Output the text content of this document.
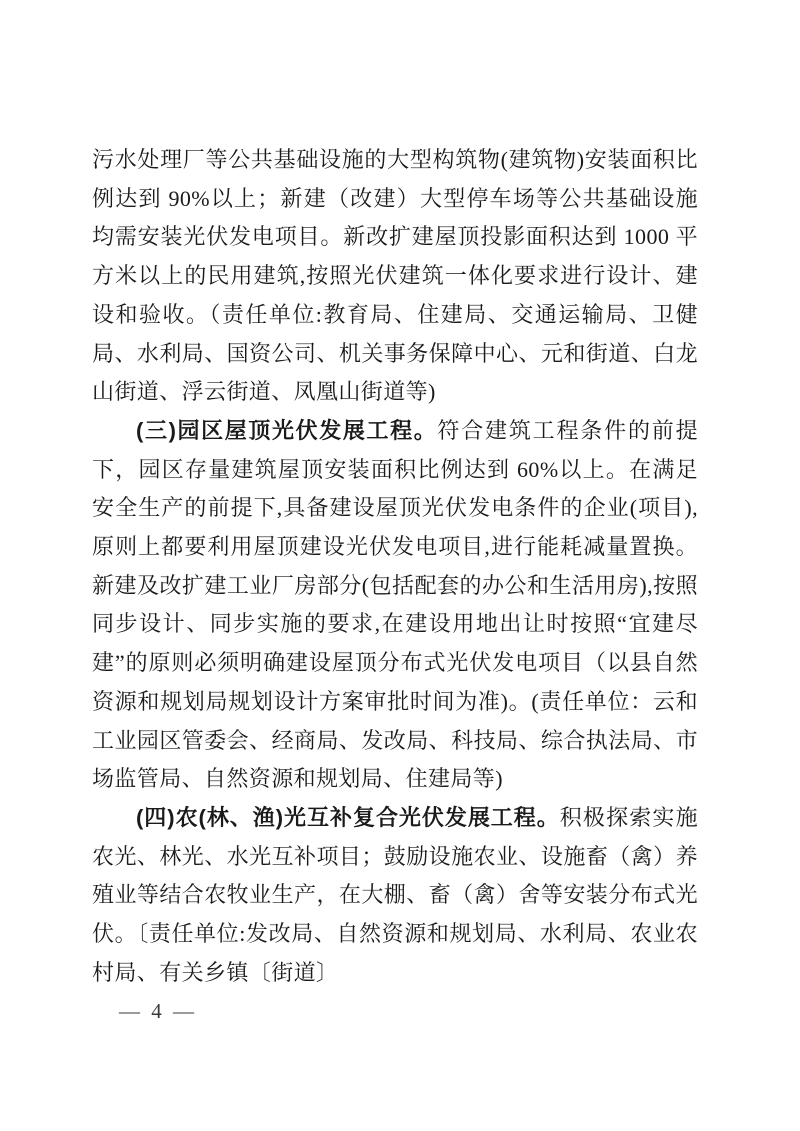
污水处理厂等公共基础设施的大型构筑物(建筑物)安装面积比例达到 90%以上；新建（改建）大型停车场等公共基础设施均需安装光伏发电项目。新改扩建屋顶投影面积达到 1000 平方米以上的民用建筑,按照光伏建筑一体化要求进行设计、建设和验收。（责任单位:教育局、住建局、交通运输局、卫健局、水利局、国资公司、机关事务保障中心、元和街道、白龙山街道、浮云街道、凤凰山街道等)

(三)园区屋顶光伏发展工程。符合建筑工程条件的前提下，园区存量建筑屋顶安装面积比例达到 60%以上。在满足安全生产的前提下,具备建设屋顶光伏发电条件的企业(项目),原则上都要利用屋顶建设光伏发电项目,进行能耗减量置换。新建及改扩建工业厂房部分(包括配套的办公和生活用房),按照同步设计、同步实施的要求,在建设用地出让时按照“宜建尽建”的原则必须明确建设屋顶分布式光伏发电项目（以县自然资源和规划局规划设计方案审批时间为准)。(责任单位：云和工业园区管委会、经商局、发改局、科技局、综合执法局、市场监管局、自然资源和规划局、住建局等)

(四)农(林、渔)光互补复合光伏发展工程。积极探索实施农光、林光、水光互补项目；鼓励设施农业、设施畜（禽）养殖业等结合农牧业生产，在大棚、畜（禽）舍等安装分布式光伏。〔责任单位:发改局、自然资源和规划局、水利局、农业农村局、有关乡镇〔街道〕

— 4 —
